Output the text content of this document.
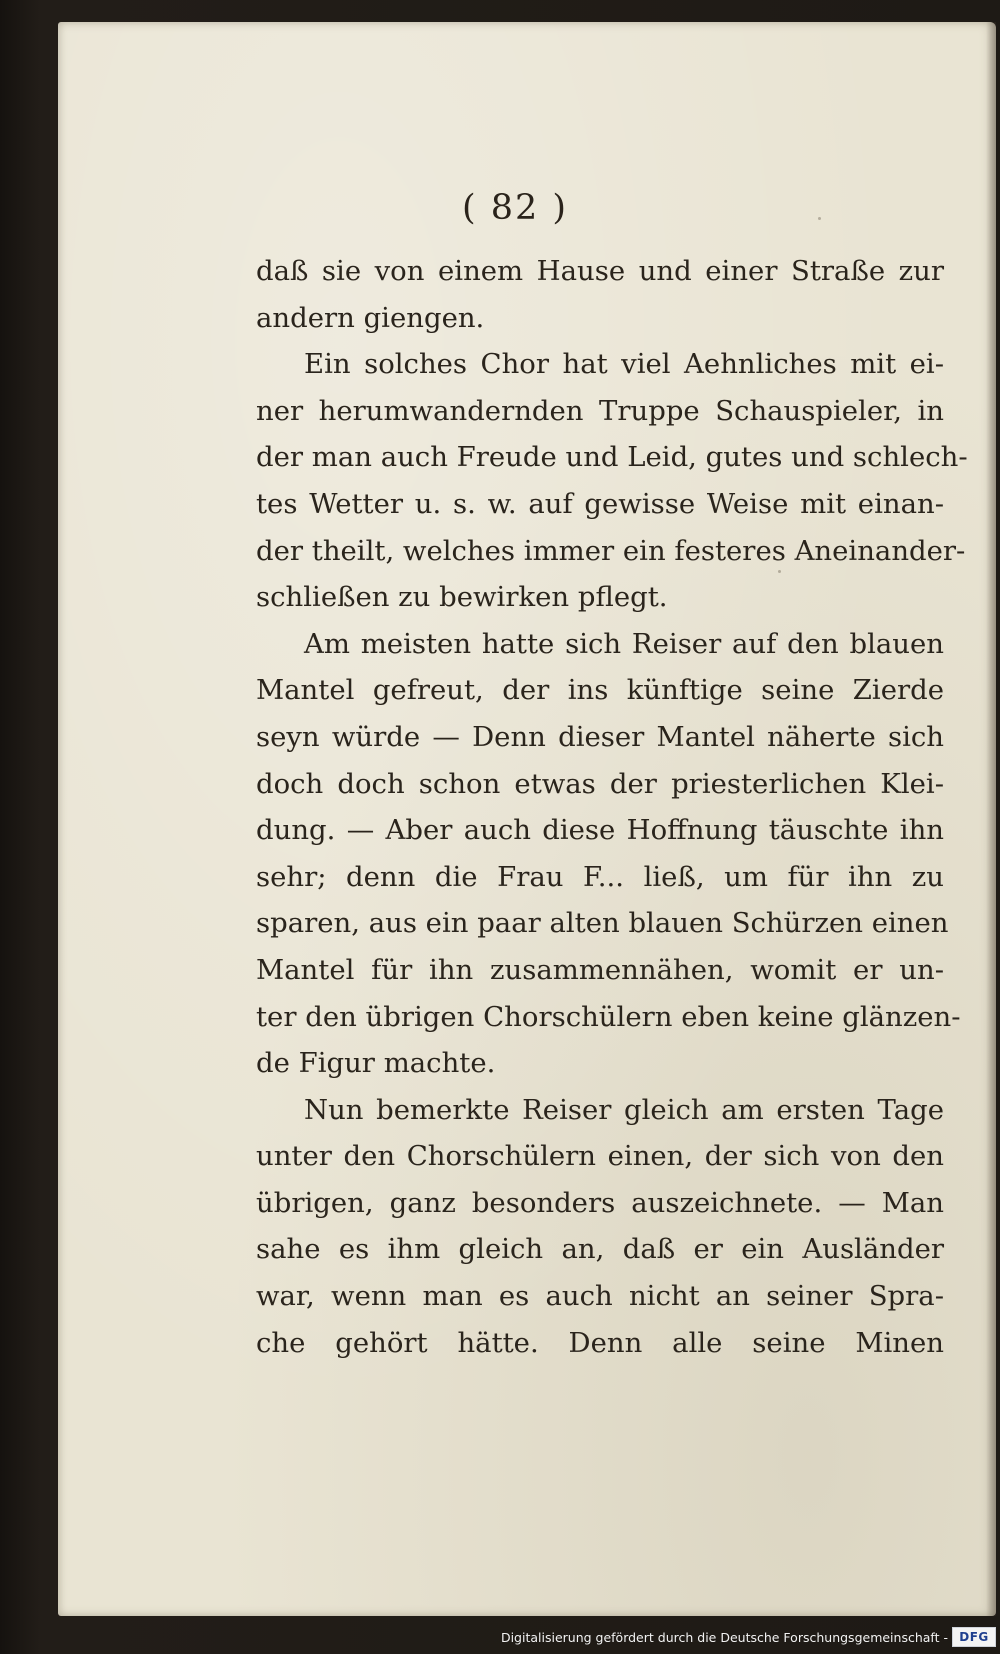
( 82 )
daß sie von einem Hause und einer Straße zur
andern giengen.
Ein solches Chor hat viel Aehnliches mit ei-
ner herumwandernden Truppe Schauspieler, in
der man auch Freude und Leid, gutes und schlech-
tes Wetter u. s. w. auf gewisse Weise mit einan-
der theilt, welches immer ein festeres Aneinander-
schließen zu bewirken pflegt.
Am meisten hatte sich Reiser auf den blauen
Mantel gefreut, der ins künftige seine Zierde
seyn würde — Denn dieser Mantel näherte sich
doch doch schon etwas der priesterlichen Klei-
dung. — Aber auch diese Hoffnung täuschte ihn
sehr; denn die Frau F... ließ, um für ihn zu
sparen, aus ein paar alten blauen Schürzen einen
Mantel für ihn zusammennähen, womit er un-
ter den übrigen Chorschülern eben keine glänzen-
de Figur machte.
Nun bemerkte Reiser gleich am ersten Tage
unter den Chorschülern einen, der sich von den
übrigen, ganz besonders auszeichnete. — Man
sahe es ihm gleich an, daß er ein Ausländer
war, wenn man es auch nicht an seiner Spra-
che gehört hätte. Denn alle seine Minen
Digitalisierung gefördert durch die Deutsche Forschungsgemeinschaft - DFG
